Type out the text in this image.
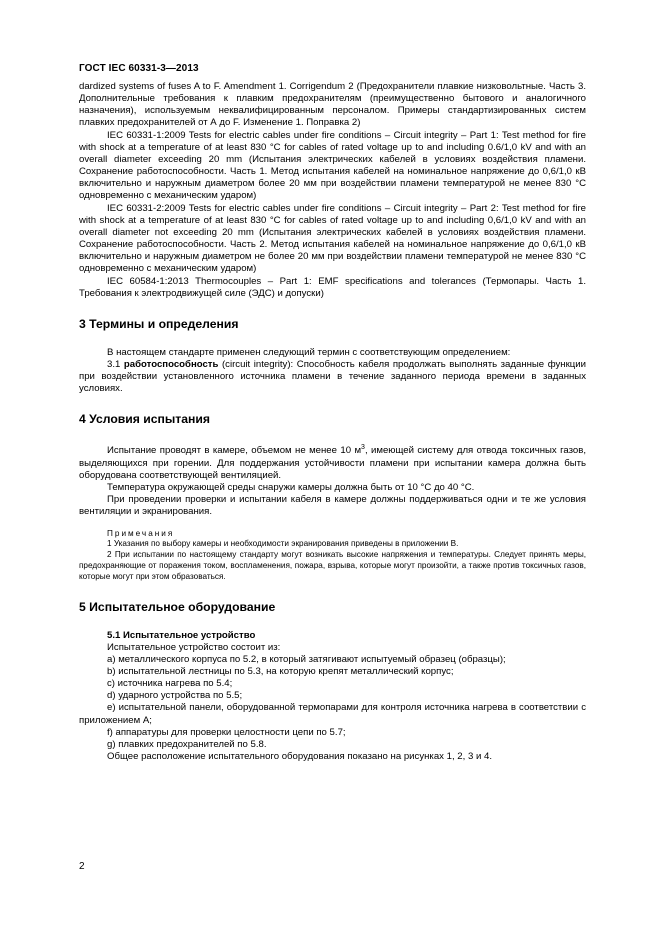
ГОСТ IEC 60331-3—2013

dardized systems of fuses A to F. Amendment 1. Corrigendum 2 (Предохранители плавкие низковольтные. Часть 3. Дополнительные требования к плавким предохранителям (преимущественно бытового и аналогичного назначения), используемым неквалифицированным персоналом. Примеры стандартизированных систем плавких предохранителей от А до F. Изменение 1. Поправка 2)

IEC 60331-1:2009 Tests for electric cables under fire conditions – Circuit integrity – Part 1: Test method for fire with shock at a temperature of at least 830 °C for cables of rated voltage up to and including 0.6/1,0 kV and with an overall diameter exceeding 20 mm (Испытания электрических кабелей в условиях воздействия пламени. Сохранение работоспособности. Часть 1. Метод испытания кабелей на номинальное напряжение до 0,6/1,0 кВ включительно и наружным диаметром более 20 мм при воздействии пламени температурой не менее 830 °С одновременно с механическим ударом)

IEC 60331-2:2009 Tests for electric cables under fire conditions – Circuit integrity – Part 2: Test method for fire with shock at a temperature of at least 830 °C for cables of rated voltage up to and including 0,6/1,0 kV and with an overall diameter not exceeding 20 mm (Испытания электрических кабелей в условиях воздействия пламени. Сохранение работоспособности. Часть 2. Метод испытания кабелей на номинальное напряжение до 0,6/1,0 кВ включительно и наружным диаметром не более 20 мм при воздействии пламени температурой не менее 830 °С одновременно с механическим ударом)

IEC 60584-1:2013 Thermocouples – Part 1: EMF specifications and tolerances (Термопары. Часть 1. Требования к электродвижущей силе (ЭДС) и допуски)

3 Термины и определения

В настоящем стандарте применен следующий термин с соответствующим определением:

3.1 работоспособность (circuit integrity): Способность кабеля продолжать выполнять заданные функции при воздействии установленного источника пламени в течение заданного периода времени в заданных условиях.

4 Условия испытания

Испытание проводят в камере, объемом не менее 10 $м^3$, имеющей систему для отвода токсичных газов, выделяющихся при горении. Для поддержания устойчивости пламени при испытании камера должна быть оборудована соответствующей вентиляцией.

Температура окружающей среды снаружи камеры должна быть от 10 °С до 40 °С.

При проведении проверки и испытании кабеля в камере должны поддерживаться одни и те же условия вентиляции и экранирования.

Примечания

1 Указания по выбору камеры и необходимости экранирования приведены в приложении В.

2 При испытании по настоящему стандарту могут возникать высокие напряжения и температуры. Следует принять меры, предохраняющие от поражения током, воспламенения, пожара, взрыва, которые могут произойти, а также против токсичных газов, которые могут при этом образоваться.

5 Испытательное оборудование

5.1 Испытательное устройство

Испытательное устройство состоит из:

а) металлического корпуса по 5.2, в который затягивают испытуемый образец (образцы);

b) испытательной лестницы по 5.3, на которую крепят металлический корпус;

с) источника нагрева по 5.4;

d) ударного устройства по 5.5;

е) испытательной панели, оборудованной термопарами для контроля источника нагрева в соответствии с приложением А;

f) аппаратуры для проверки целостности цепи по 5.7;

g) плавких предохранителей по 5.8.

Общее расположение испытательного оборудования показано на рисунках 1, 2, 3 и 4.

2
